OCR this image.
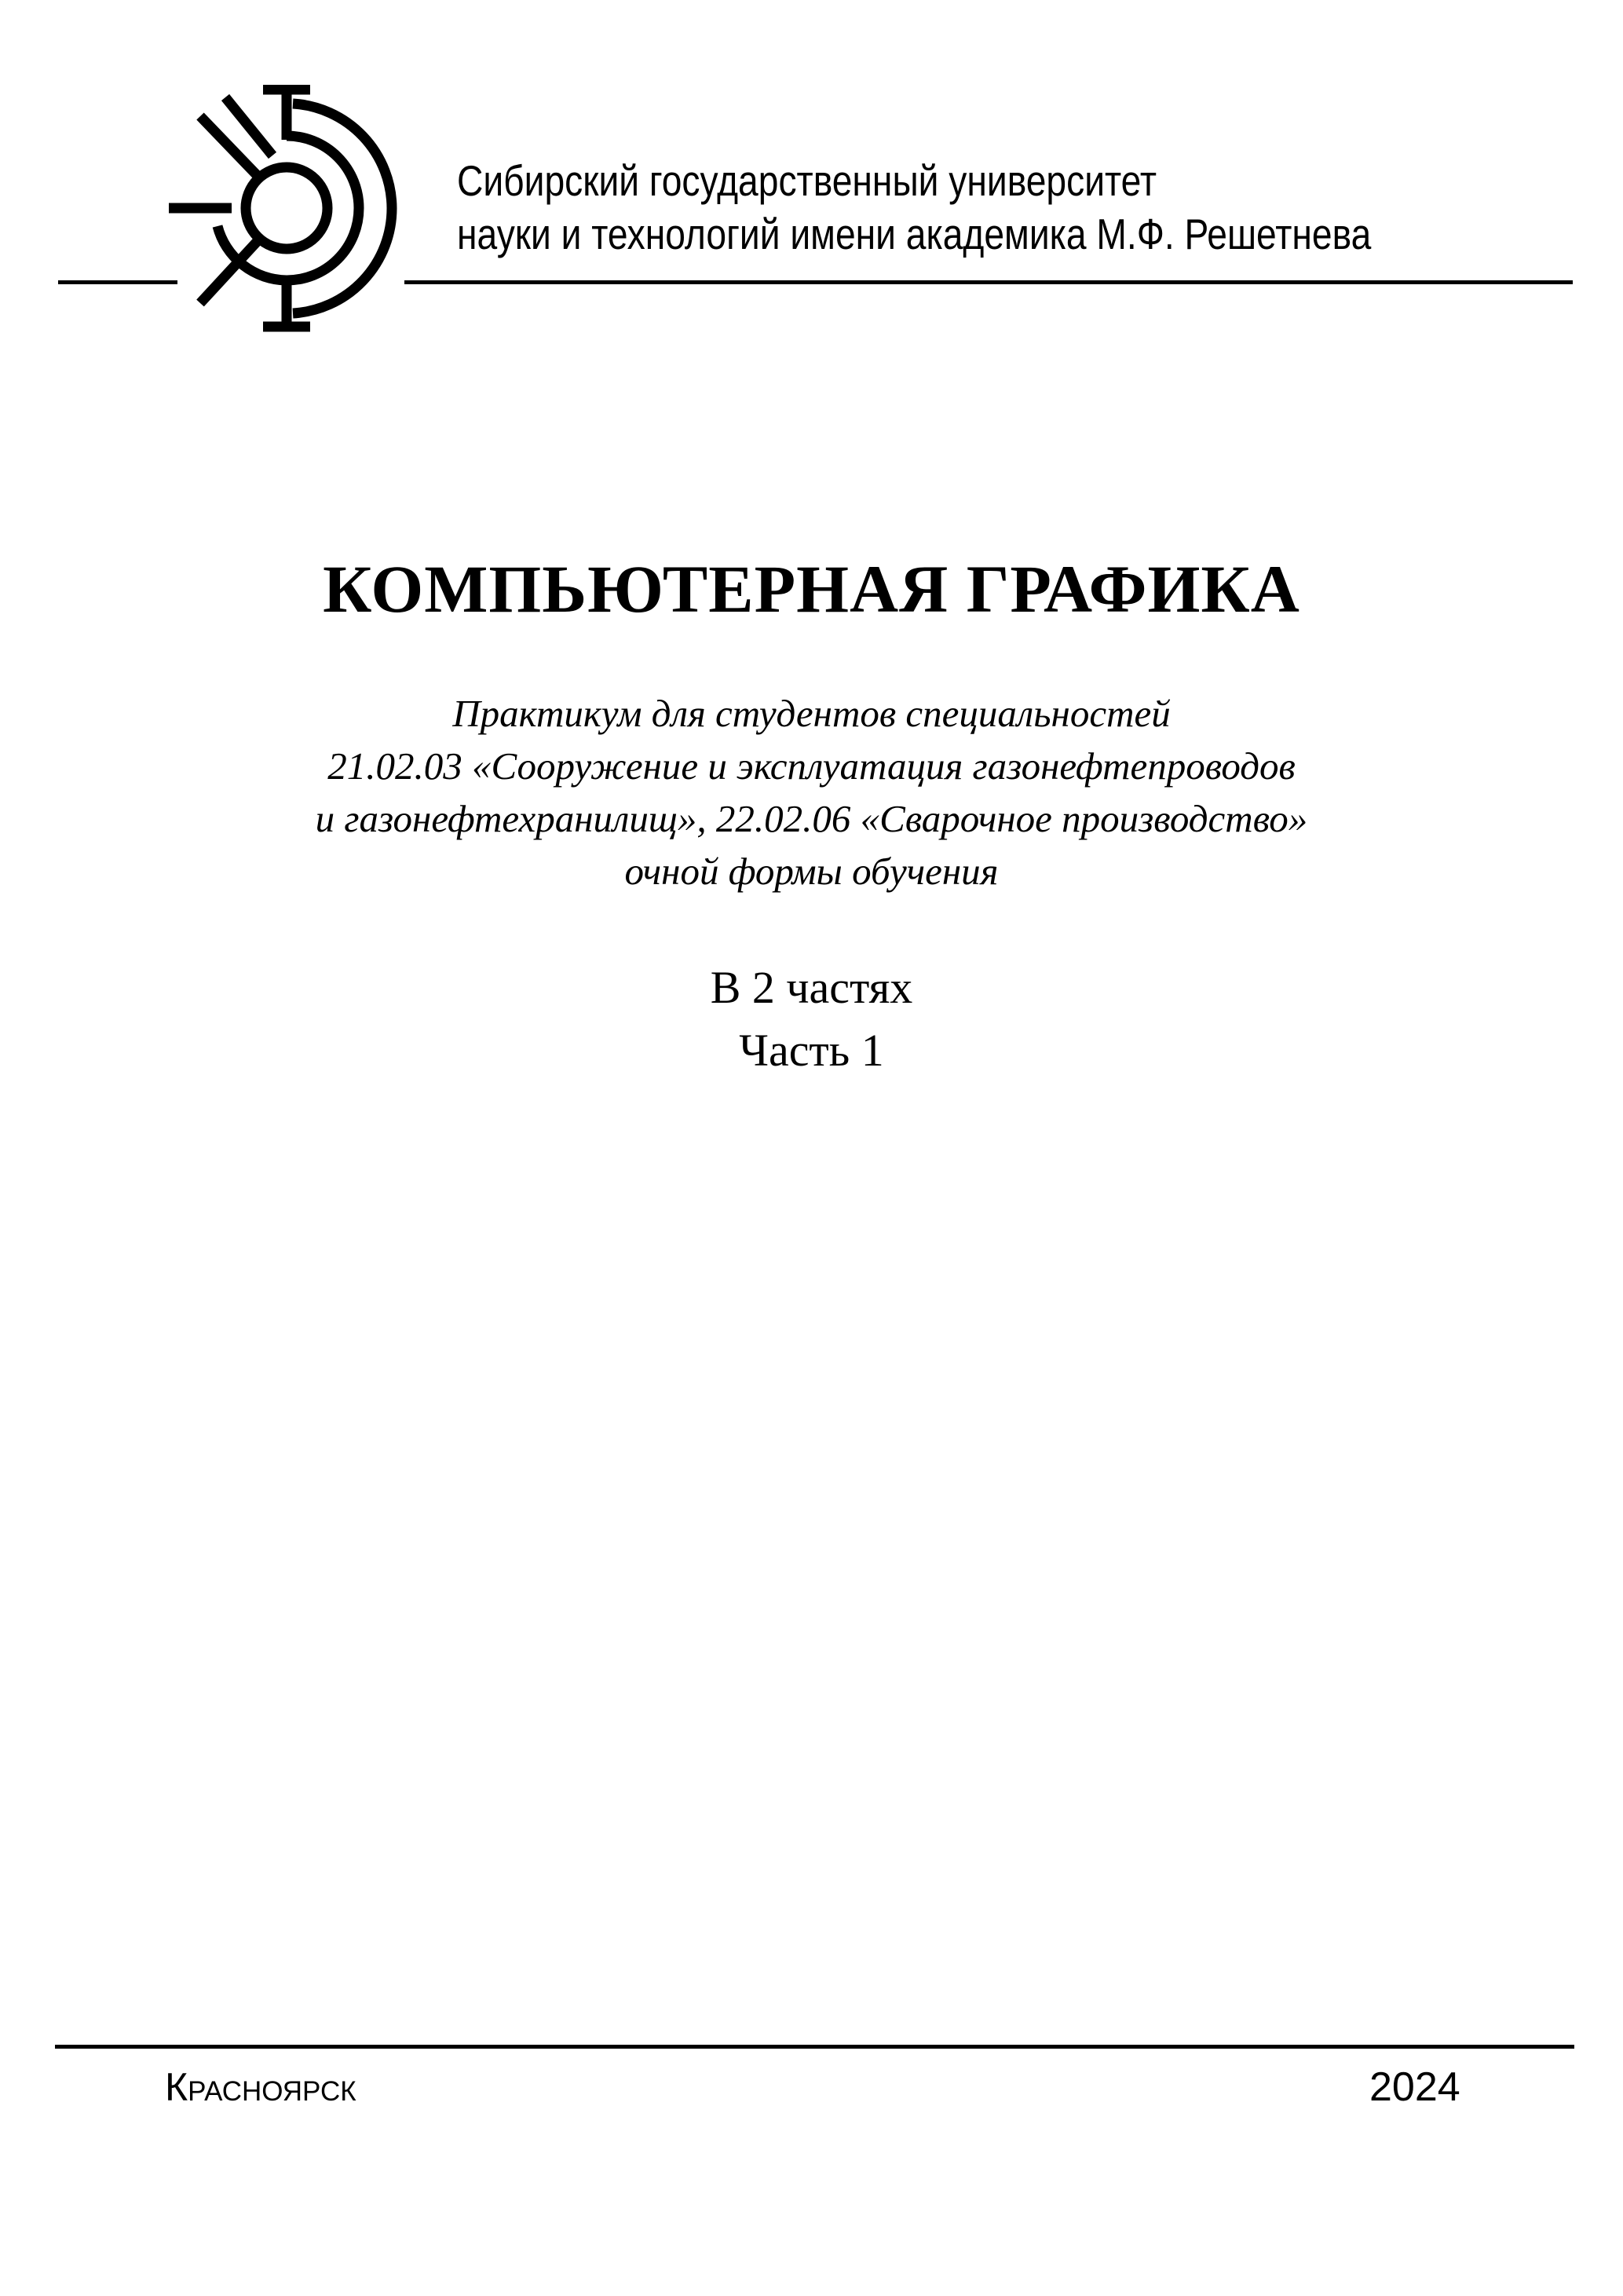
Сибирский государственный университет
науки и технологий имени академика М.Ф. Решетнева
КОМПЬЮТЕРНАЯ ГРАФИКА
Практикум для студентов специальностей
21.02.03 «Сооружение и эксплуатация газонефтепроводов
и газонефтехранилищ», 22.02.06 «Сварочное производство»
очной формы обучения
В 2 частях
Часть 1
Красноярск	2024
